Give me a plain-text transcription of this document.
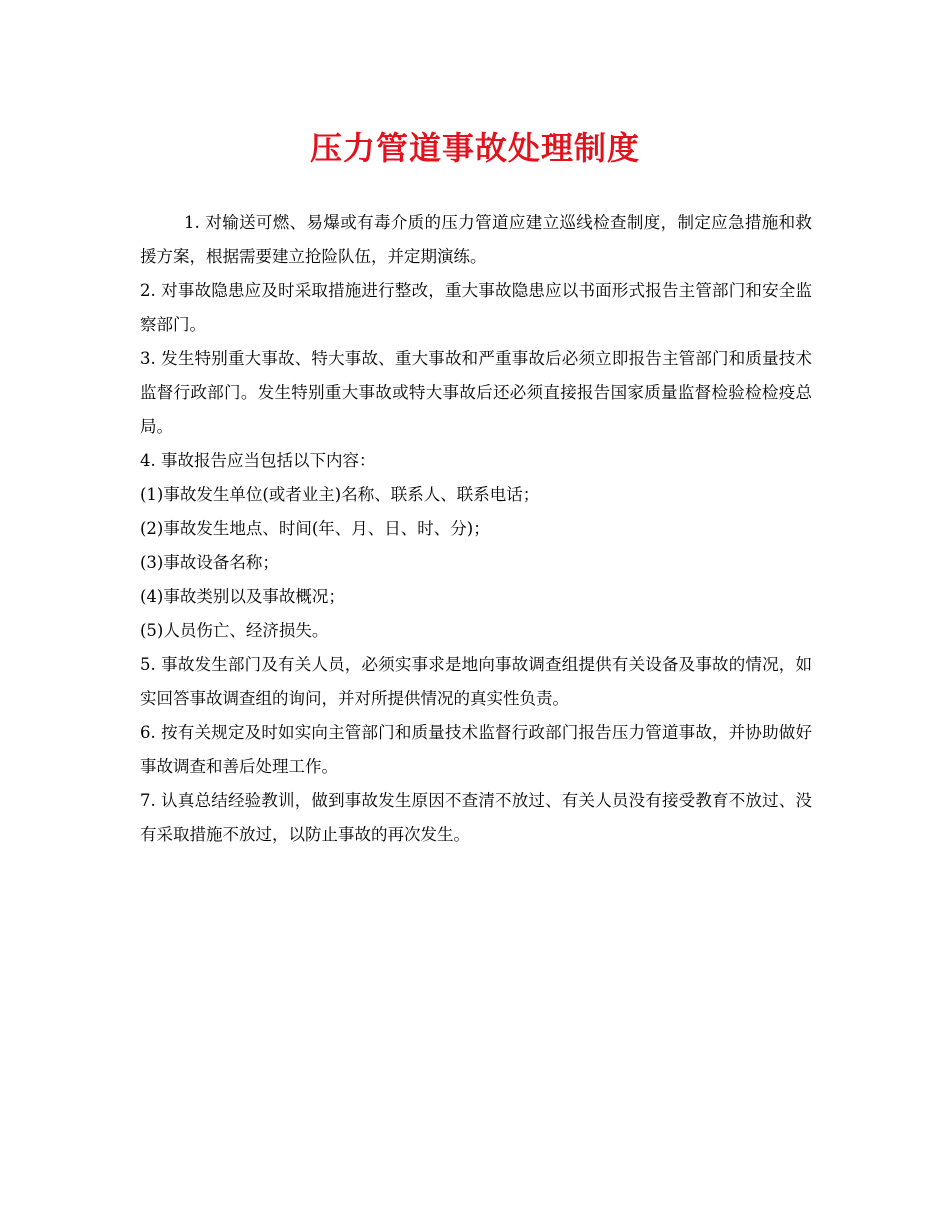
压力管道事故处理制度

1. 对输送可燃、易爆或有毒介质的压力管道应建立巡线检查制度，制定应急措施和救援方案，根据需要建立抢险队伍，并定期演练。

2. 对事故隐患应及时采取措施进行整改，重大事故隐患应以书面形式报告主管部门和安全监察部门。

3. 发生特别重大事故、特大事故、重大事故和严重事故后必须立即报告主管部门和质量技术监督行政部门。发生特别重大事故或特大事故后还必须直接报告国家质量监督检验检检疫总局。

4. 事故报告应当包括以下内容：

(1)事故发生单位(或者业主)名称、联系人、联系电话；

(2)事故发生地点、时间(年、月、日、时、分)；

(3)事故设备名称；

(4)事故类别以及事故概况；

(5)人员伤亡、经济损失。

5. 事故发生部门及有关人员，必须实事求是地向事故调查组提供有关设备及事故的情况，如实回答事故调查组的询问，并对所提供情况的真实性负责。

6. 按有关规定及时如实向主管部门和质量技术监督行政部门报告压力管道事故，并协助做好事故调查和善后处理工作。

7. 认真总结经验教训，做到事故发生原因不查清不放过、有关人员没有接受教育不放过、没有采取措施不放过，以防止事故的再次发生。
